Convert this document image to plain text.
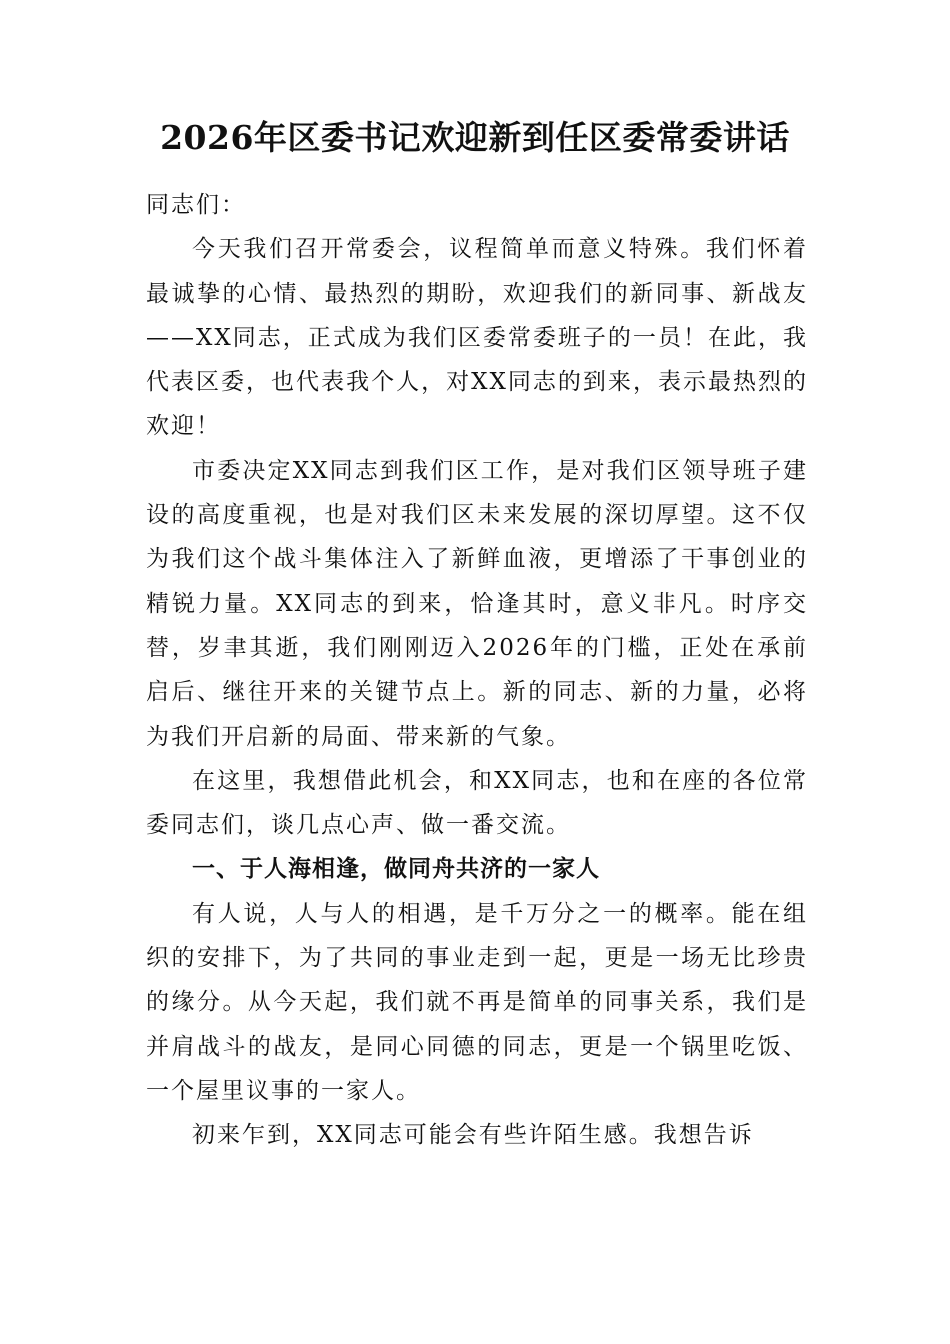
2026年区委书记欢迎新到任区委常委讲话

同志们：

今天我们召开常委会，议程简单而意义特殊。我们怀着最诚挚的心情、最热烈的期盼，欢迎我们的新同事、新战友——XX同志，正式成为我们区委常委班子的一员！在此，我代表区委，也代表我个人，对XX同志的到来，表示最热烈的欢迎！

市委决定XX同志到我们区工作，是对我们区领导班子建设的高度重视，也是对我们区未来发展的深切厚望。这不仅为我们这个战斗集体注入了新鲜血液，更增添了干事创业的精锐力量。XX同志的到来，恰逢其时，意义非凡。时序交替，岁聿其逝，我们刚刚迈入2026年的门槛，正处在承前启后、继往开来的关键节点上。新的同志、新的力量，必将为我们开启新的局面、带来新的气象。

在这里，我想借此机会，和XX同志，也和在座的各位常委同志们，谈几点心声、做一番交流。

一、于人海相逢，做同舟共济的一家人

有人说，人与人的相遇，是千万分之一的概率。能在组织的安排下，为了共同的事业走到一起，更是一场无比珍贵的缘分。从今天起，我们就不再是简单的同事关系，我们是并肩战斗的战友，是同心同德的同志，更是一个锅里吃饭、一个屋里议事的一家人。

初来乍到，XX同志可能会有些许陌生感。我想告诉
